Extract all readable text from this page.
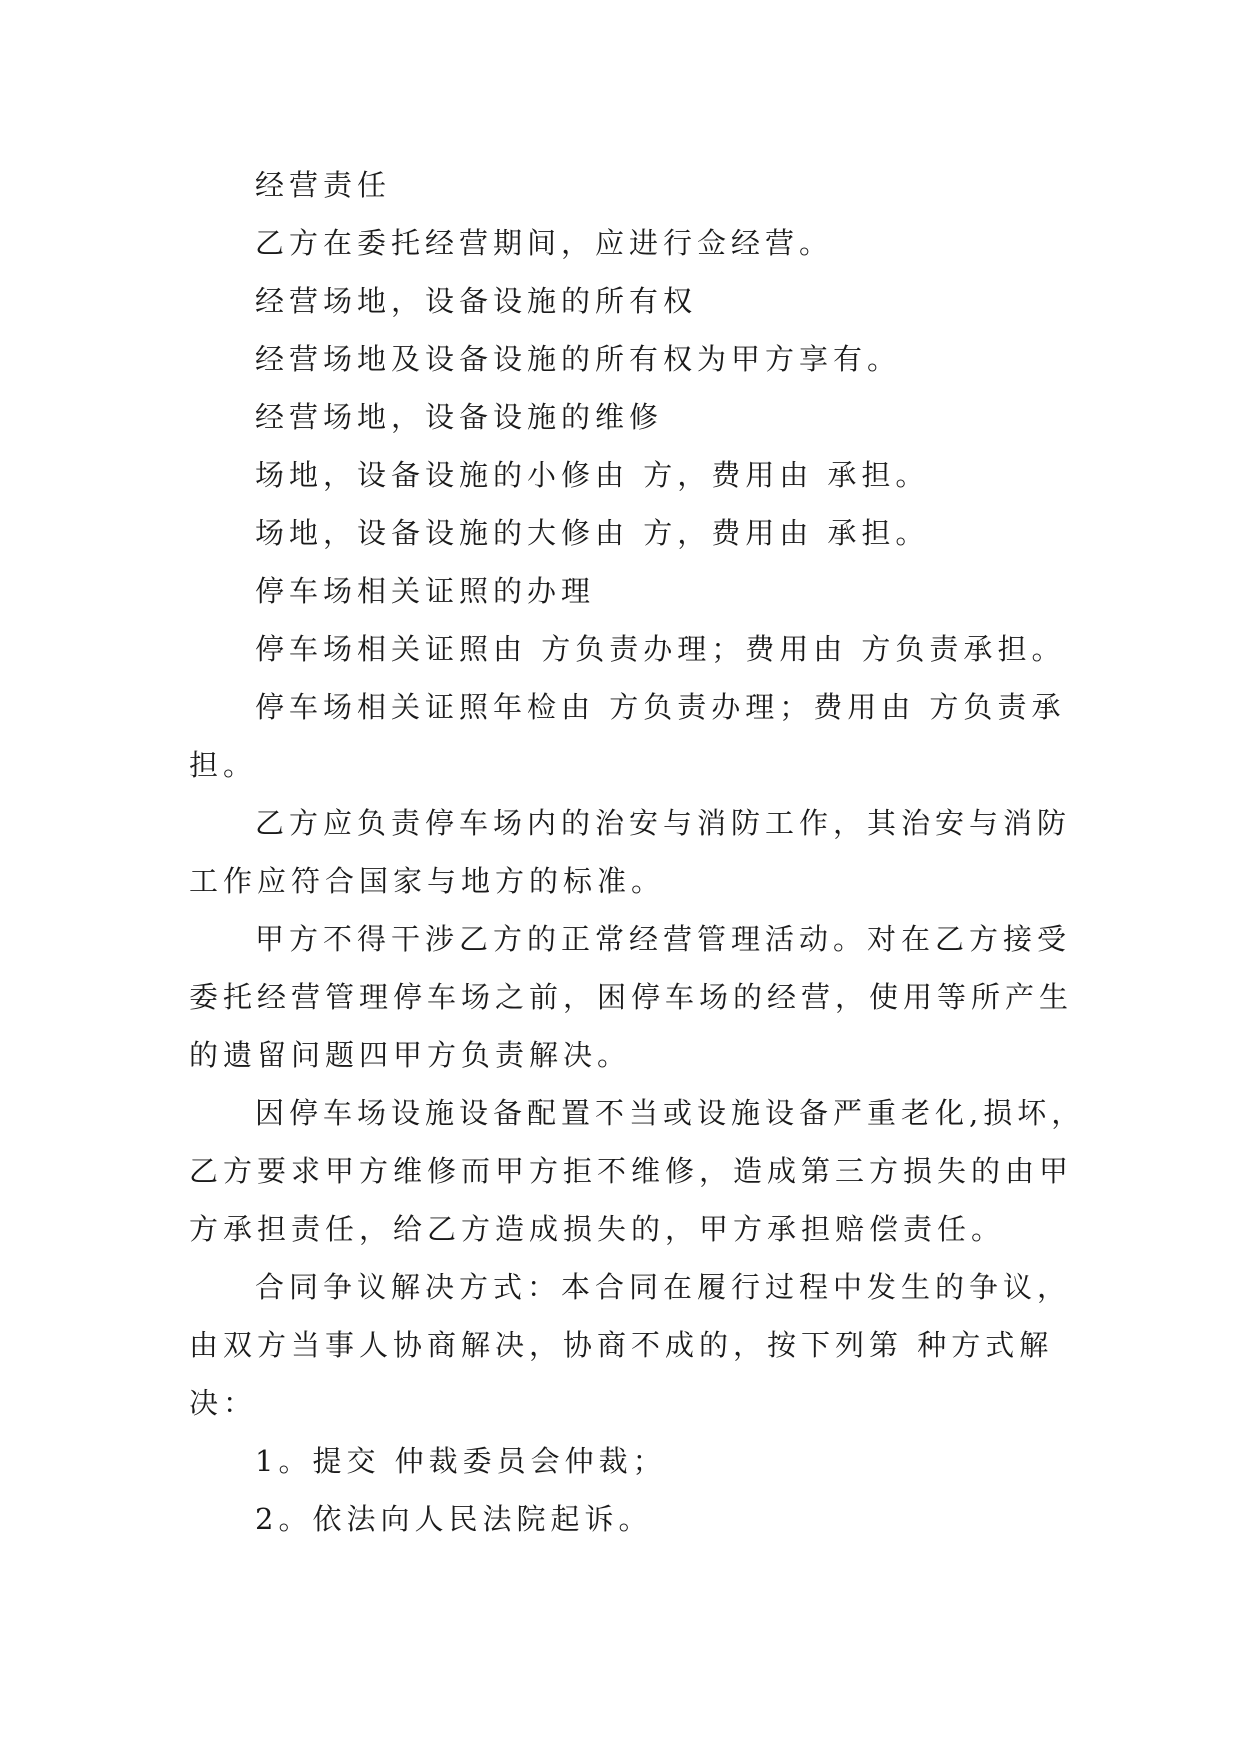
经营责任

乙方在委托经营期间，应进行佥经营。

经营场地，设备设施的所有权

经营场地及设备设施的所有权为甲方享有。

经营场地，设备设施的维修

场地，设备设施的小修由 方，费用由 承担。

场地，设备设施的大修由 方，费用由 承担。

停车场相关证照的办理

停车场相关证照由 方负责办理；费用由 方负责承担。

停车场相关证照年检由 方负责办理；费用由 方负责承

担。

乙方应负责停车场内的治安与消防工作，其治安与消防

工作应符合国家与地方的标准。

甲方不得干涉乙方的正常经营管理活动。对在乙方接受

委托经营管理停车场之前，困停车场的经营，使用等所产生

的遗留问题四甲方负责解决。

因停车场设施设备配置不当或设施设备严重老化,损坏，

乙方要求甲方维修而甲方拒不维修，造成第三方损失的由甲

方承担责任，给乙方造成损失的，甲方承担赔偿责任。

合同争议解决方式：本合同在履行过程中发生的争议，

由双方当事人协商解决，协商不成的，按下列第 种方式解

决：

1。提交 仲裁委员会仲裁；

2。依法向人民法院起诉。
